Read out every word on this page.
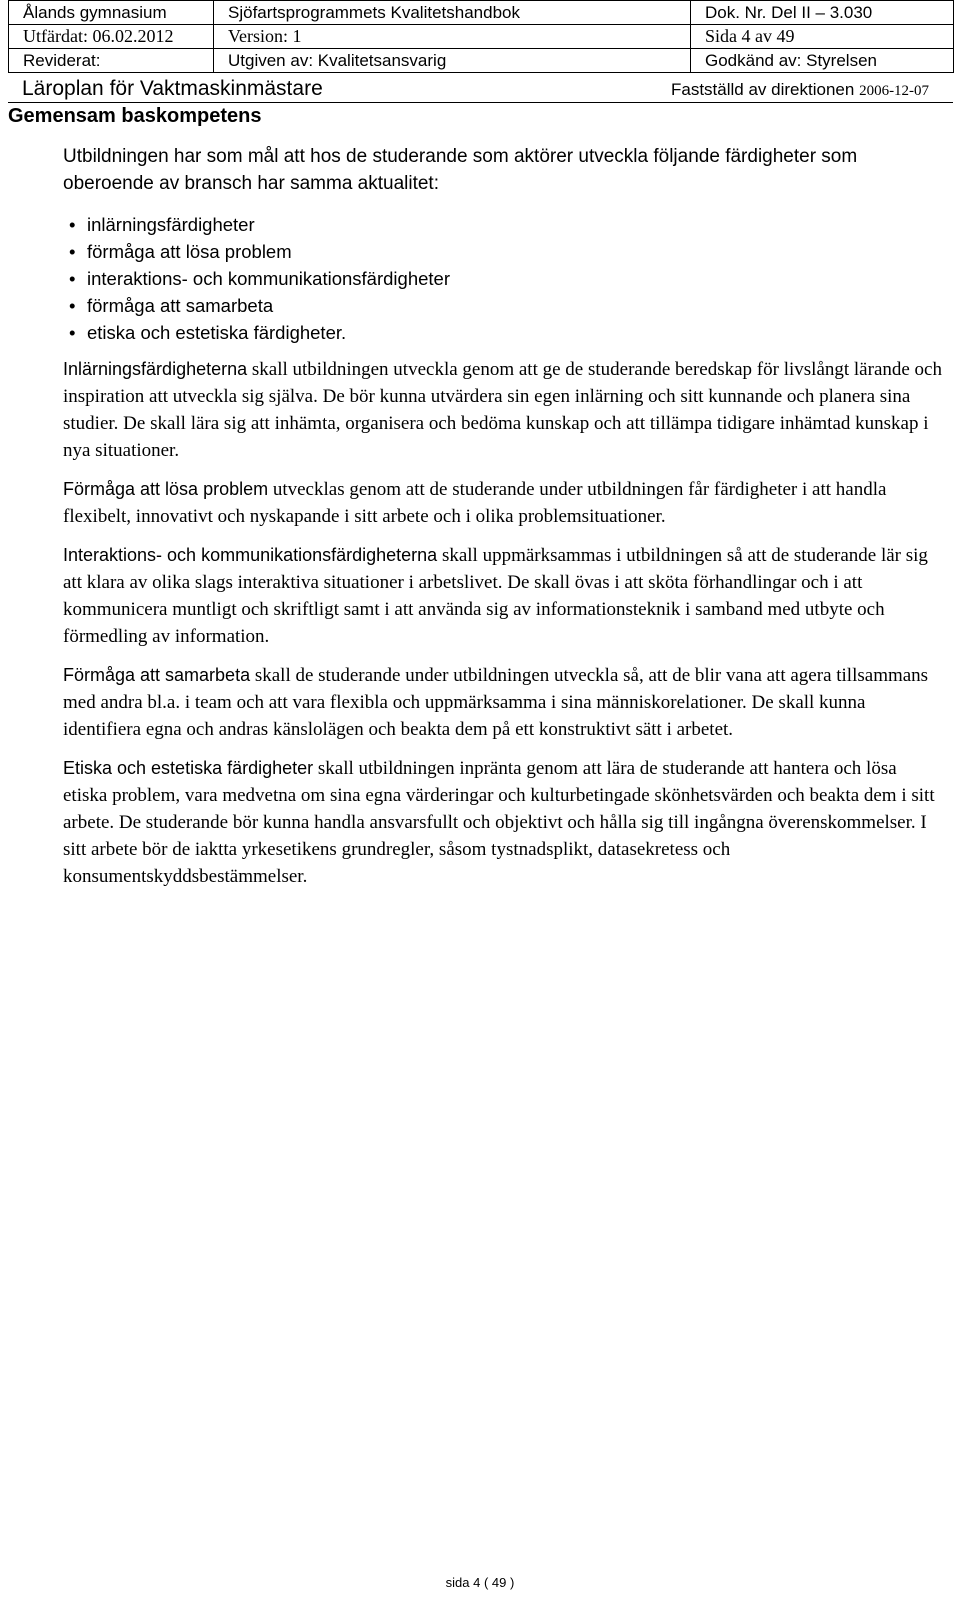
Ålands gymnasium	Sjöfartsprogrammets Kvalitetshandbok	Dok. Nr. Del II – 3.030
Utfärdat: 06.02.2012	Version: 1	Sida 4 av 49
Reviderat:	Utgiven av: Kvalitetsansvarig	Godkänd av: Styrelsen
Läroplan för Vaktmaskinmästare	Fastställd av direktionen 2006-12-07
Gemensam baskompetens

Utbildningen har som mål att hos de studerande som aktörer utveckla följande färdigheter som oberoende av bransch har samma aktualitet:

• inlärningsfärdigheter
• förmåga att lösa problem
• interaktions- och kommunikationsfärdigheter
• förmåga att samarbeta
• etiska och estetiska färdigheter.

Inlärningsfärdigheterna skall utbildningen utveckla genom att ge de studerande beredskap för livslångt lärande och inspiration att utveckla sig själva. De bör kunna utvärdera sin egen inlärning och sitt kunnande och planera sina studier. De skall lära sig att inhämta, organisera och bedöma kunskap och att tillämpa tidigare inhämtad kunskap i nya situationer.

Förmåga att lösa problem utvecklas genom att de studerande under utbildningen får färdigheter i att handla flexibelt, innovativt och nyskapande i sitt arbete och i olika problemsituationer.

Interaktions- och kommunikationsfärdigheterna skall uppmärksammas i utbildningen så att de studerande lär sig att klara av olika slags interaktiva situationer i arbetslivet. De skall övas i att sköta förhandlingar och i att kommunicera muntligt och skriftligt samt i att använda sig av informationsteknik i samband med utbyte och förmedling av information.

Förmåga att samarbeta skall de studerande under utbildningen utveckla så, att de blir vana att agera tillsammans med andra bl.a. i team och att vara flexibla och uppmärksamma i sina människorelationer. De skall kunna identifiera egna och andras känslolägen och beakta dem på ett konstruktivt sätt i arbetet.

Etiska och estetiska färdigheter skall utbildningen inpränta genom att lära de studerande att hantera och lösa etiska problem, vara medvetna om sina egna värderingar och kulturbetingade skönhetsvärden och beakta dem i sitt arbete. De studerande bör kunna handla ansvarsfullt och objektivt och hålla sig till ingångna överenskommelser. I sitt arbete bör de iaktta yrkesetikens grundregler, såsom tystnadsplikt, datasekretess och konsumentskyddsbestämmelser.

sida 4 ( 49 )
